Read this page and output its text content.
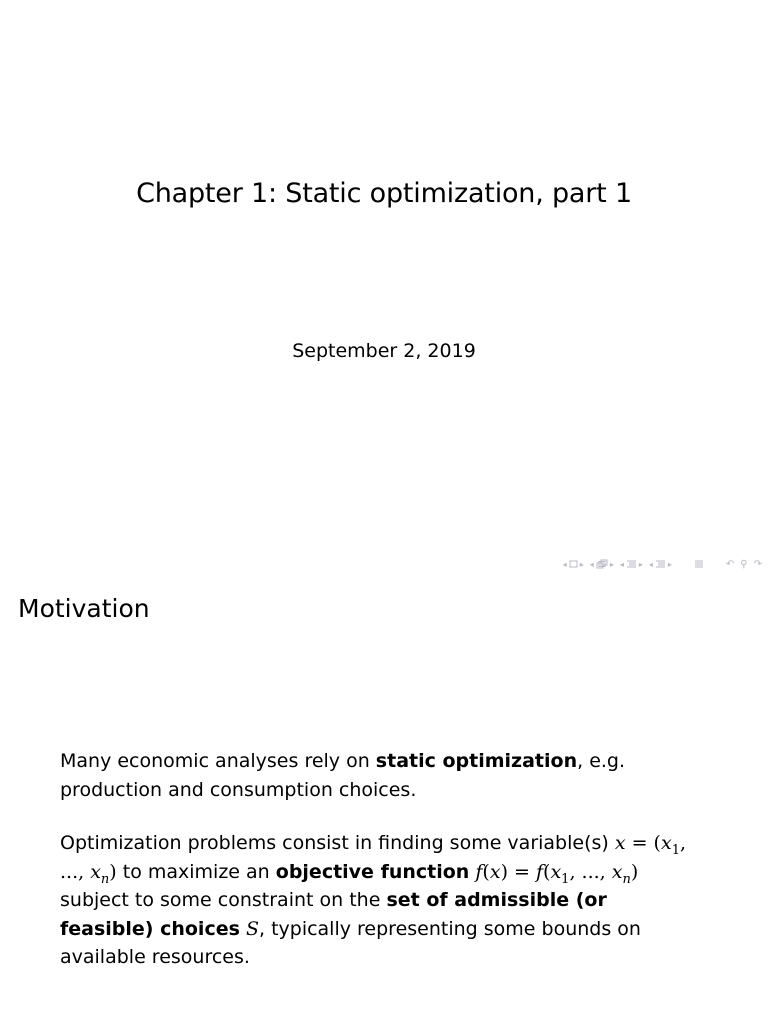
Chapter 1: Static optimization, part 1
September 2, 2019
◂ ▸ ◂ ▸ ◂ ▸ ◂ ▸	↶ ⚲ ↷
Motivation

Many economic analyses rely on static optimization, e.g. production and consumption choices.

Optimization problems consist in finding some variable(s) $x = (x_1$, ..., $x_n$) to maximize an objective function $f(x) = f(x_1$, ..., $x_n$) subject to some constraint on the set of admissible (or feasible) choices S, typically representing some bounds on available resources.
